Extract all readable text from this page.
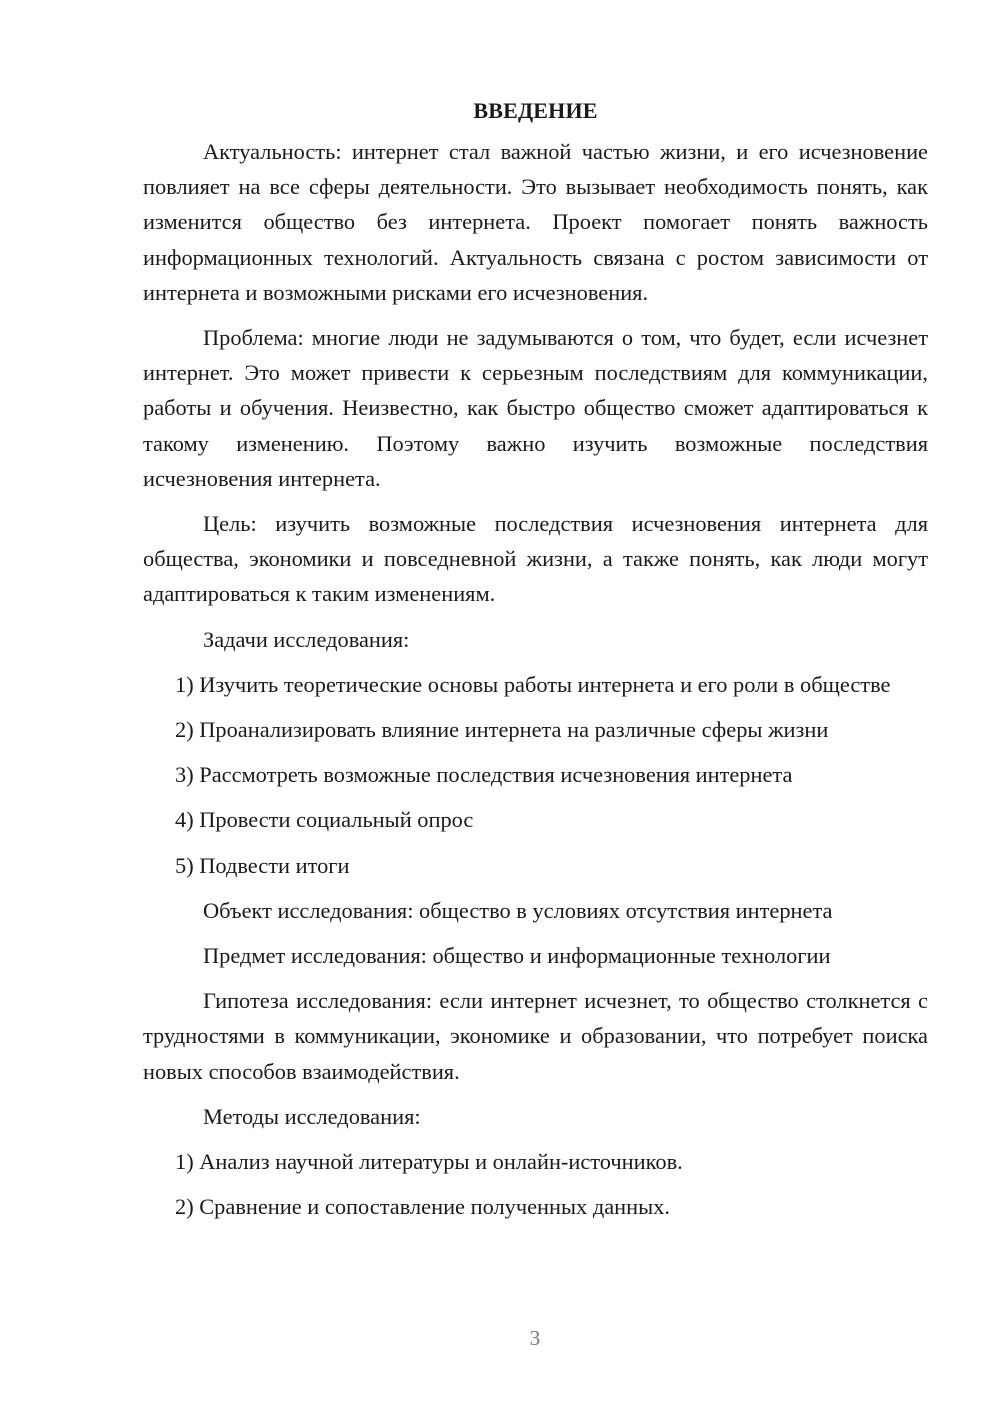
ВВЕДЕНИЕ

Актуальность: интернет стал важной частью жизни, и его исчезновение повлияет на все сферы деятельности. Это вызывает необходимость понять, как изменится общество без интернета. Проект помогает понять важность информационных технологий. Актуальность связана с ростом зависимости от интернета и возможными рисками его исчезновения.

Проблема: многие люди не задумываются о том, что будет, если исчезнет интернет. Это может привести к серьезным последствиям для коммуникации, работы и обучения. Неизвестно, как быстро общество сможет адаптироваться к такому изменению. Поэтому важно изучить возможные последствия исчезновения интернета.

Цель: изучить возможные последствия исчезновения интернета для общества, экономики и повседневной жизни, а также понять, как люди могут адаптироваться к таким изменениям.

Задачи исследования:

1) Изучить теоретические основы работы интернета и его роли в обществе

2) Проанализировать влияние интернета на различные сферы жизни
3) Рассмотреть возможные последствия исчезновения интернета
4) Провести социальный опрос
5) Подвести итоги
Объект исследования: общество в условиях отсутствия интернета
Предмет исследования: общество и информационные технологии

Гипотеза исследования: если интернет исчезнет, то общество столкнется с трудностями в коммуникации, экономике и образовании, что потребует поиска новых способов взаимодействия.

Методы исследования:
1) Анализ научной литературы и онлайн-источников.
2) Сравнение и сопоставление полученных данных.
3
